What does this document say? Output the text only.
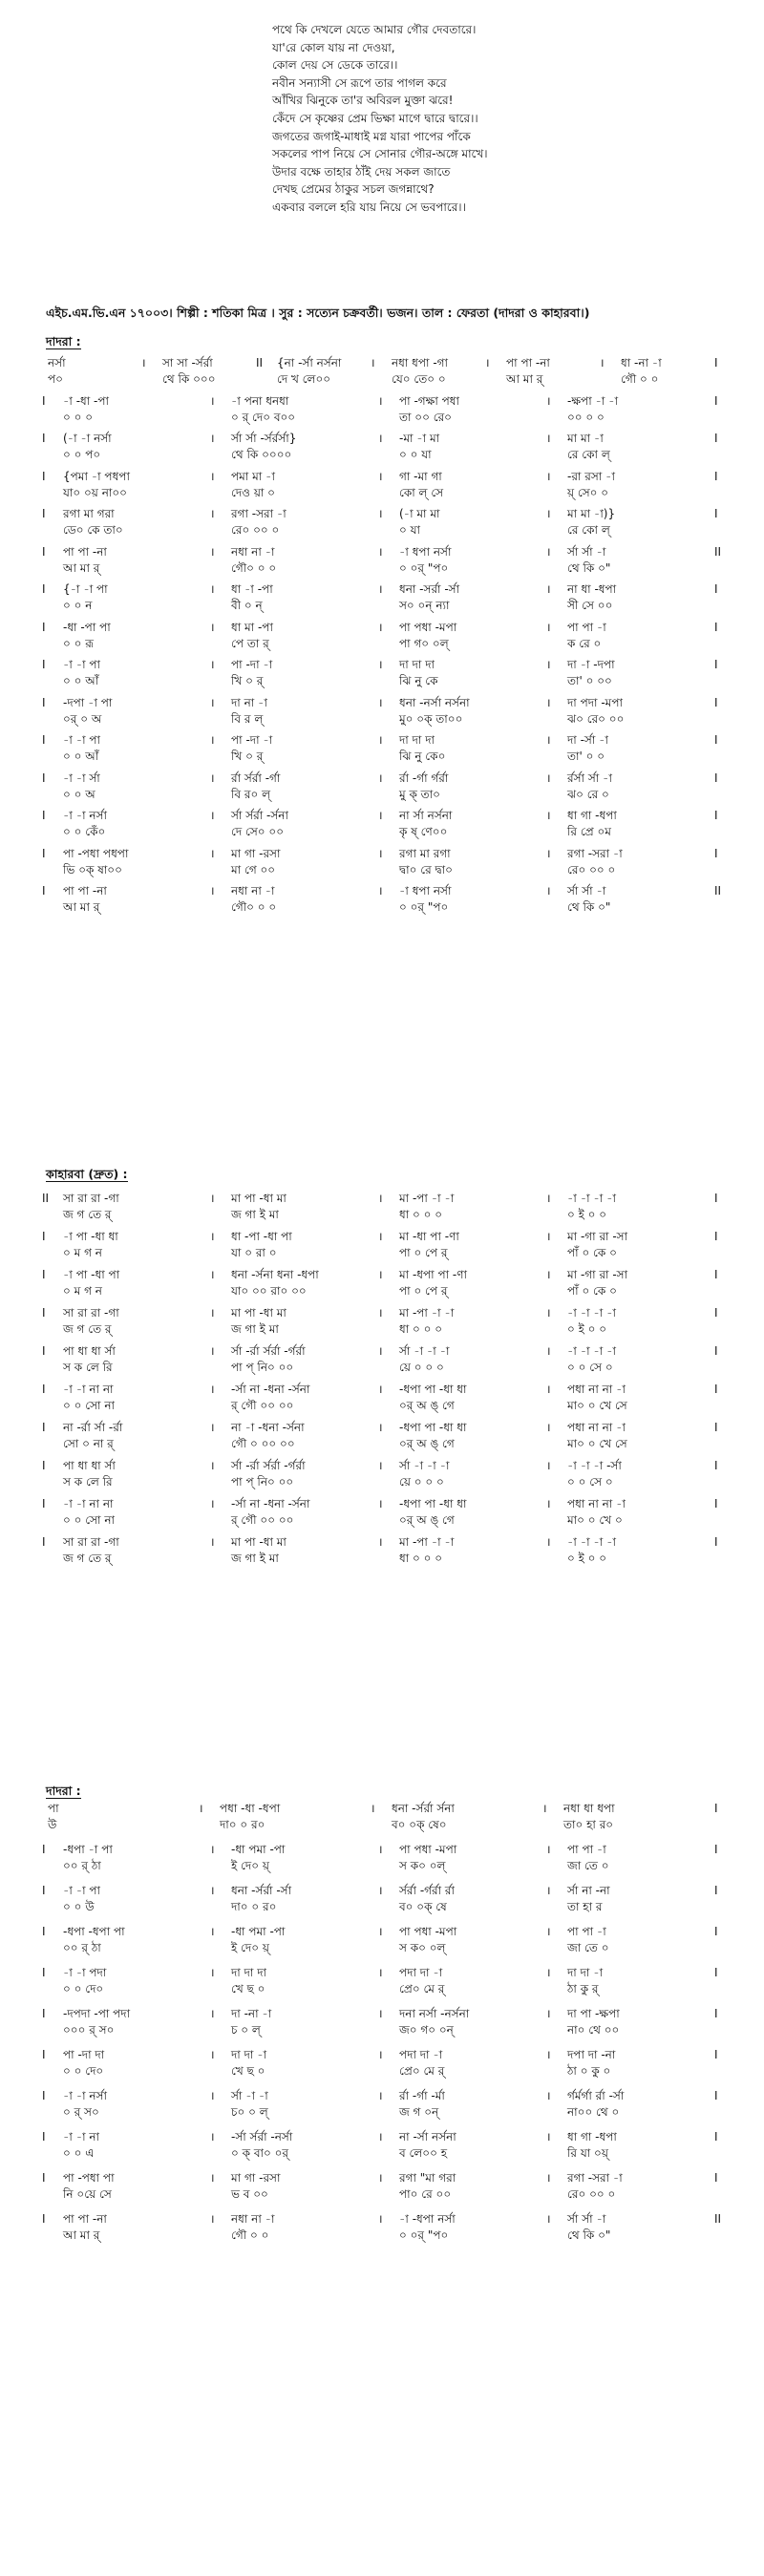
পথে কি দেখলে যেতে আমার গৌর দেবতারে।
যা'রে কোল যায় না দেওয়া,
কোল দেয় সে ডেকে তারে।।
নবীন সন্যাসী সে রূপে তার পাগল করে
আঁখির ঝিনুকে তা'র অবিরল মুক্তা ঝরে!
কেঁদে সে কৃষ্ণের প্রেম ভিক্ষা মাগে দ্বারে দ্বারে।।
জগতের জগাই-মাধাই মগ্ন যারা পাপের পাঁকে
সকলের পাপ নিয়ে সে সোনার গৌর-অঙ্গে মাখে।
উদার বক্ষে তাহার ঠাঁই দেয় সকল জাতে
দেখছ প্রেমের ঠাকুর সচল জগন্নাথে?
একবার বললে হরি যায় নিয়ে সে ভবপারে।।
এইচ.এম.ভি.এন ১৭০০৩। শিল্পী : শতিকা মিত্র । সুর : সত্যেন চক্রবর্তী। ভজন। তাল : ফেরতা (দাদরা ও কাহারবা।)
দাদরা :
নর্সা	। সা সা -র্সর্রা	II {না -র্সা নর্সনা	। নধা ধপা -গা	। পা পা -না	। ধা -না -া	I
প০	থে কি ০০০	দে খ লে০০	যে০ তে০ ০	আ মা র্	গৌ ০ ০
I -া -ধা -পা	। -া পনা ধনধা	। পা -গক্ষা পধা	। -ক্ষপা -া -া	I
০ ০ ০	০ র্ দে০ ব০০	তা ০০ রে০	০০ ০ ০
I (-া -া নর্সা	। র্সা র্সা -র্সর্রর্সা}	। -মা -া মা	। মা মা -া	I
০ ০ প০	থে কি ০০০০	০ ০ যা	রে কো ল্
I {পমা -া পধপা	। পমা মা -া	। গা -মা গা	। -রা রসা -া	I
যা০ ০য় না০০	দেও য়া ০	কো ল্ সে	য়্ সে০ ০
I রগা মা গরা	। রগা -সরা -া	। (-া মা মা	। মা মা -া)}	I
ডে০ কে তা০	রে০ ০০ ০	০ যা	রে কো ল্
I পা পা -না	। নধা না -া	। -া ধপা নর্সা	। র্সা র্সা -া	II
আ মা র্	গৌ০ ০ ০	০ ০র্ "প০	থে কি ০"
I {-া -া পা	। ধা -া -পা	। ধনা -সর্রা -র্সা	। না ধা -ধপা	I
০ ০ ন	বী ০ ন্	স০ ০ন্ ন্যা	সী সে ০০
I -ধা -পা পা	। ধা মা -পা	। পা পধা -মপা	। পা পা -া	I
০ ০ রূ	পে তা র্	পা গ০ ০ল্	ক রে ০
I -া -া পা	। পা -দা -া	। দা দা দা	। দা -া -দপা	I
০ ০ আঁ	খি ০ র্	ঝি নু কে	তা' ০ ০০
I -দপা -া পা	। দা না -া	। ধনা -নর্সা নর্সনা	। দা পদা -মপা	I
০র্ ০ অ	বি র ল্	মু০ ০ক্ তা০০	ঝ০ রে০ ০০
I -া -া পা	। পা -দা -া	। দা দা দা	। দা -র্সা -া	I
০ ০ আঁ	খি ০ র্	ঝি নু কে০	তা' ০ ০
I -া -া র্সা	। র্রা র্সর্রা -র্গা	। র্রা -র্গা র্গর্রা	। র্রর্সা র্সা -া	I
০ ০ অ	বি র০ ল্	মু ক্ তা০	ঝ০ রে ০
I -া -া নর্সা	। র্সা র্সর্রা -র্সনা	। না র্সা নর্সনা	। ধা গা -ধপা	I
০ ০ কেঁ০	দে সে০ ০০	কৃ ষ্ ণে০০	রি প্রে ০ম
I পা -পধা পধপা	। মা গা -রসা	। রগা মা রগা	। রগা -সরা -া	I
ভি ০ক্ ষা০০	মা গে ০০	দ্বা০ রে দ্বা০	রে০ ০০ ০
I পা পা -না	। নধা না -া	। -া ধপা নর্সা	। র্সা র্সা -া	II
আ মা র্	গৌ০ ০ ০	০ ০র্ "প০	থে কি ০"
কাহারবা (দ্রুত) :
II সা রা রা -গা	। মা পা -ধা মা	। মা -পা -া -া	। -া -া -া -া	I
জ গ তে র্	জ গা ই মা	ধা ০ ০ ০	০ ই ০ ০
I -া পা -ধা ধা	। ধা -পা -ধা পা	। মা -ধা পা -ণা	। মা -গা রা -সা	I
০ ম গ ন	যা ০ রা ০	পা ০ পে র্	পাঁ ০ কে ০
I -া পা -ধা পা	। ধনা -র্সনা ধনা -ধপা	। মা -ধপা পা -ণা	। মা -গা রা -সা	I
০ ম গ ন	যা০ ০০ রা০ ০০	পা ০ পে র্	পাঁ ০ কে ০
I সা রা রা -গা	। মা পা -ধা মা	। মা -পা -া -া	। -া -া -া -া	I
জ গ তে র্	জ গা ই মা	ধা ০ ০ ০	০ ই ০ ০
I পা ধা ধা র্সা	। র্সা -র্রা র্সর্রা -র্গর্রা	। র্সা -া -া -া	। -া -া -া -া	I
স ক লে রি	পা প্ নি০ ০০	য়ে ০ ০ ০	০ ০ সে ০
I -া -া না না	। -র্সা না -ধনা -র্সনা	। -ধপা পা -ধা ধা	। পধা না না -া	I
০ ০ সো না	র্ গৌ ০০ ০০	০র্ অ ঙ্ গে	মা০ ০ খে সে
I না -র্রা র্সা -র্রা	। না -া -ধনা -র্সনা	। -ধপা পা -ধা ধা	। পধা না না -া	I
সো ০ না র্	গৌ ০ ০০ ০০	০র্ অ ঙ্ গে	মা০ ০ খে সে
I পা ধা ধা র্সা	। র্সা -র্রা র্সর্রা -র্গর্রা	। র্সা -া -া -া	। -া -া -া -র্সা	I
স ক লে রি	পা প্ নি০ ০০	য়ে ০ ০ ০	০ ০ সে ০
I -া -া না না	। -র্সা না -ধনা -র্সনা	। -ধপা পা -ধা ধা	। পধা না না -া	I
০ ০ সো না	র্ গৌ ০০ ০০	০র্ অ ঙ্ গে	মা০ ০ খে ০
I সা রা রা -গা	। মা পা -ধা মা	। মা -পা -া -া	। -া -া -া -া	I
জ গ তে র্	জ গা ই মা	ধা ০ ০ ০	০ ই ০ ০
দাদরা :
পা	। পধা -ধা -ধপা	। ধনা -র্সর্রা র্সনা	। নধা ধা ধপা	I
উ	দা০ ০ র০	ব০ ০ক্ ষে০	তা০ হা র০
I -ধপা -া পা	। -ধা পমা -পা	। পা পধা -মপা	। পা পা -া	I
০০ র্ ঠা	ই দে০ য়্	স ক০ ০ল্	জা তে ০
I -া -া পা	। ধনা -র্সর্রা -র্সা	। র্সর্রা -র্গর্রা র্রা	। র্সা না -না	I
০ ০ উ	দা০ ০ র০	ব০ ০ক্ ষে	তা হা র
I -ধপা -ধপা পা	। -ধা পমা -পা	। পা পধা -মপা	। পা পা -া	I
০০ র্ ঠা	ই দে০ য়্	স ক০ ০ল্	জা তে ০
I -া -া পদা	। দা দা দা	। পদা দা -া	। দা দা -া	I
০ ০ দে০	খে ছ ০	প্রে০ মে র্	ঠা কু র্
I -দপদা -পা পদা	। দা -না -া	। দনা নর্সা -নর্সনা	। দা পা -ক্ষপা	I
০০০ র্ স০	চ ০ ল্	জ০ গ০ ০ন্	না০ থে ০০
I পা -দা দা	। দা দা -া	। পদা দা -া	। দপা দা -না	I
০ ০ দে০	খে ছ ০	প্রে০ মে র্	ঠা ০ কু ০
I -া -া নর্সা	। র্সা -া -া	। র্রা -র্গা -র্মা	। র্গর্মর্গা র্রা -র্সা	I
০ র্ স০	চ০ ০ ল্	জ গ ০ন্	না০০ থে ০
I -া -া না	। -র্সা র্সর্রা -নর্সা	। না -র্সা নর্সনা	। ধা গা -ধপা	I
০ ০ এ	০ ক্ বা০ ০র্	ব লে০০ হ	রি যা ০য়্
I পা -পধা পা	। মা গা -রসা	। রগা "মা গরা	। রগা -সরা -া	I
নি ০য়ে সে	ভ ব ০০	পা০ রে ০০	রে০ ০০ ০
I পা পা -না	। নধা না -া	। -া -ধপা নর্সা	। র্সা র্সা -া	II
আ মা র্	গৌ ০ ০	০ ০র্ "প০	থে কি ০"
